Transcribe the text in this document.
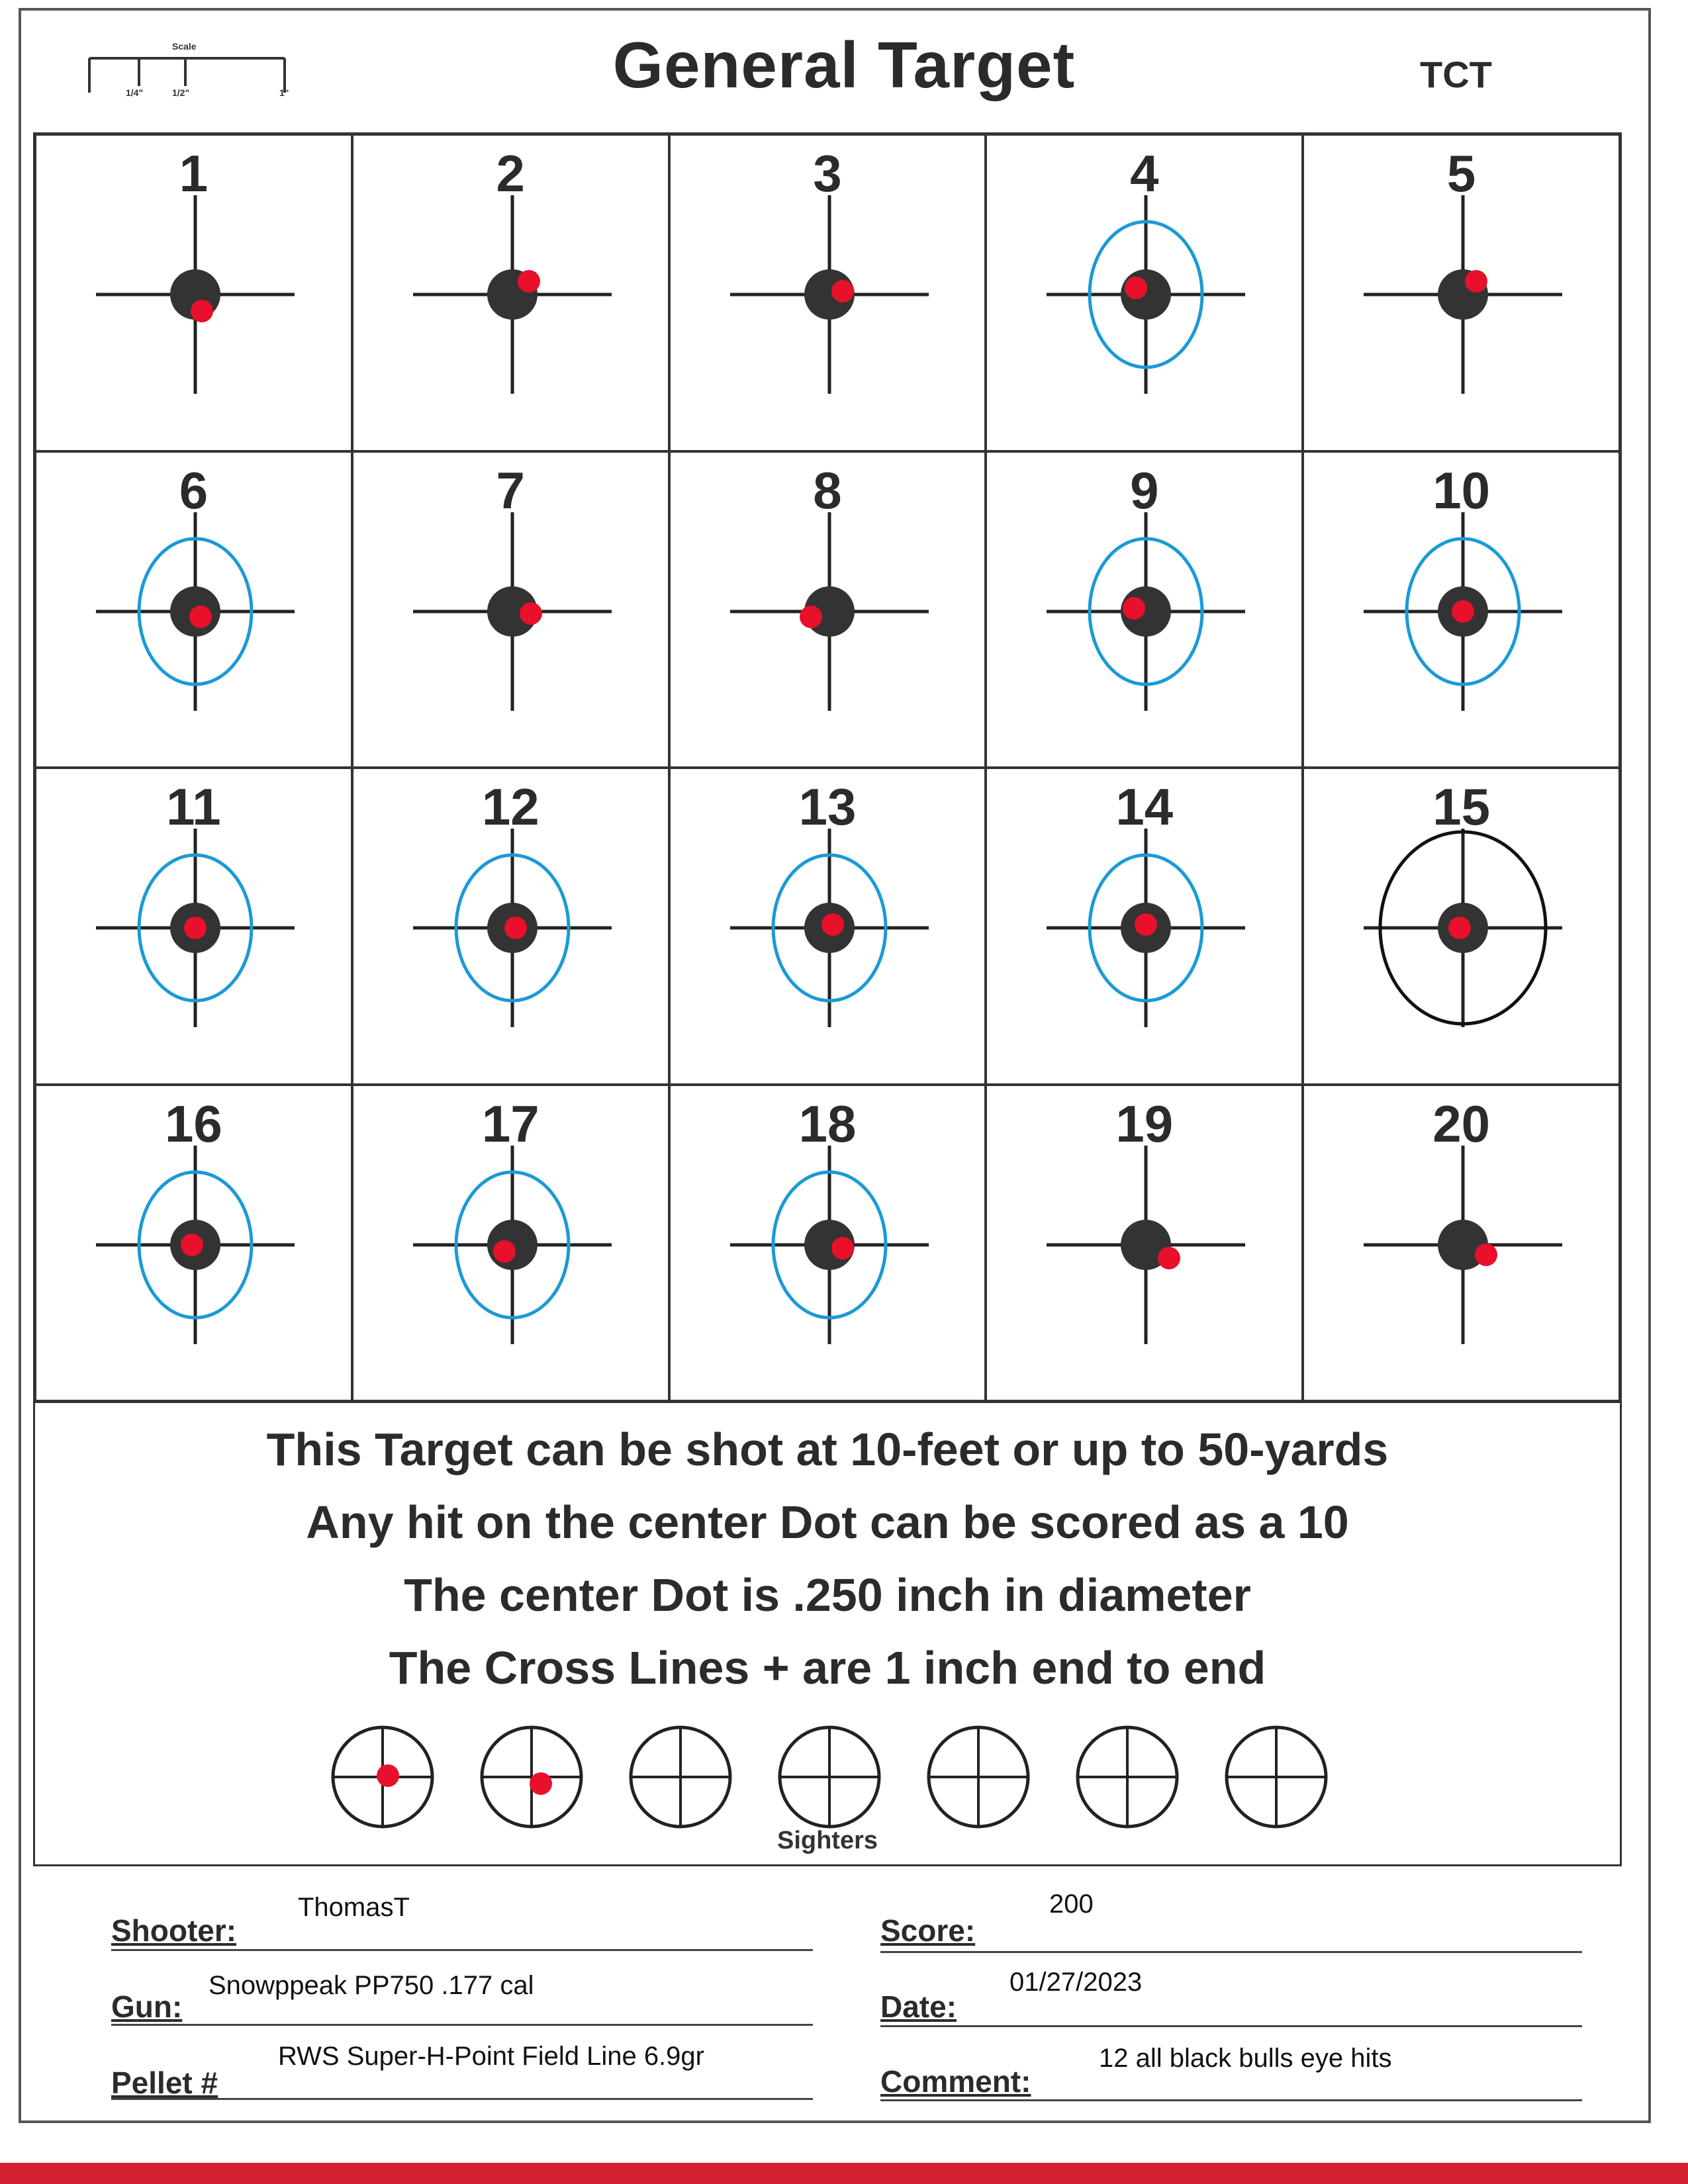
Scale
1/4"	1/2"	1"	General Target	TCT
1	2	3	4	5
6	7	8	9	10
11	12	13	14	15
16	17	18	19	20
This Target can be shot at 10-feet or up to 50-yards
Any hit on the center Dot can be scored as a 10
The center Dot is .250 inch in diameter
The Cross Lines + are 1 inch end to end
Sighters
Shooter:
ThomasT
Gun:
Snowppeak PP750 .177 cal
Pellet #
RWS Super-H-Point Field Line 6.9gr
Score:
200
Date:
01/27/2023
Comment:
12 all black bulls eye hits
